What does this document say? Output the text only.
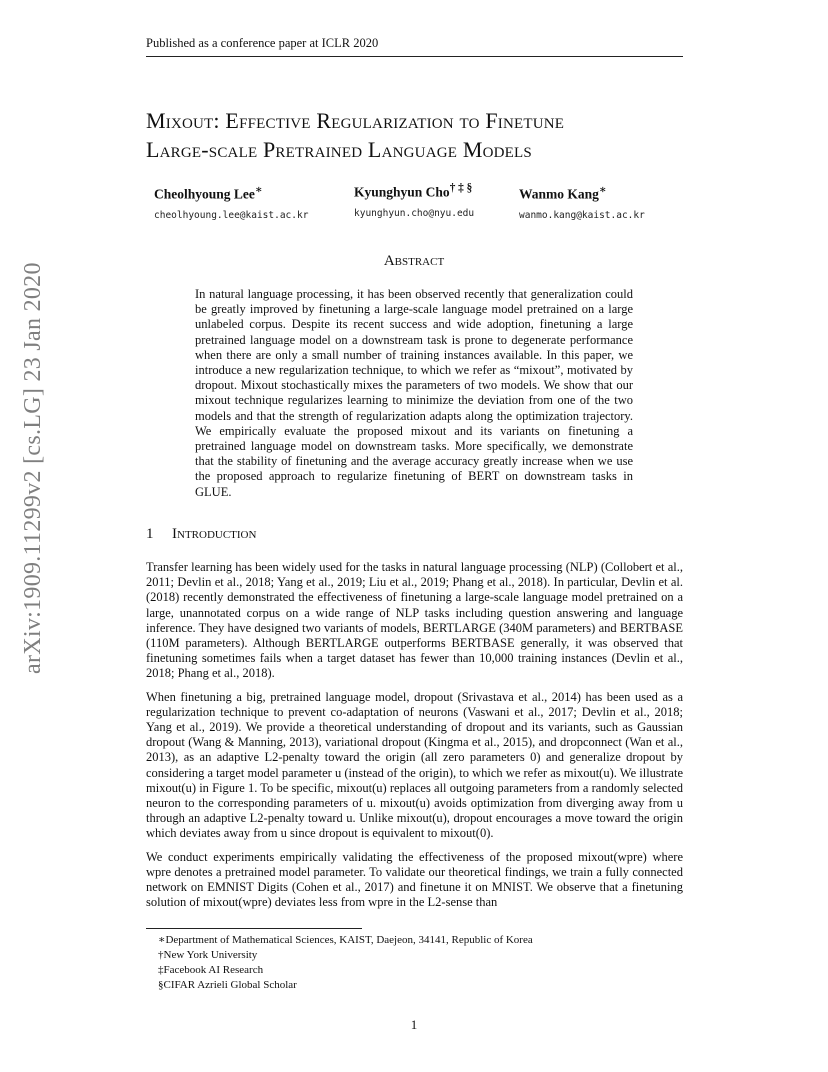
Published as a conference paper at ICLR 2020
arXiv:1909.11299v2 [cs.LG] 23 Jan 2020
Mixout: Effective Regularization to Finetune
Large-scale Pretrained Language Models
Cheolhyoung Lee∗
cheolhyoung.lee@kaist.ac.kr
Kyunghyun Cho† ‡ §
kyunghyun.cho@nyu.edu
Wanmo Kang∗
wanmo.kang@kaist.ac.kr
Abstract
In natural language processing, it has been observed recently that generalization could be greatly improved by finetuning a large-scale language model pretrained on a large unlabeled corpus. Despite its recent success and wide adoption, finetuning a large pretrained language model on a downstream task is prone to degenerate performance when there are only a small number of training instances available. In this paper, we introduce a new regularization technique, to which we refer as “mixout”, motivated by dropout. Mixout stochastically mixes the parameters of two models. We show that our mixout technique regularizes learning to minimize the deviation from one of the two models and that the strength of regularization adapts along the optimization trajectory. We empirically evaluate the proposed mixout and its variants on finetuning a pretrained language model on downstream tasks. More specifically, we demonstrate that the stability of finetuning and the average accuracy greatly increase when we use the proposed approach to regularize finetuning of BERT on downstream tasks in GLUE.
1 Introduction

Transfer learning has been widely used for the tasks in natural language processing (NLP) (Collobert et al., 2011; Devlin et al., 2018; Yang et al., 2019; Liu et al., 2019; Phang et al., 2018). In particular, Devlin et al. (2018) recently demonstrated the effectiveness of finetuning a large-scale language model pretrained on a large, unannotated corpus on a wide range of NLP tasks including question answering and language inference. They have designed two variants of models, BERTLARGE (340M parameters) and BERTBASE (110M parameters). Although BERTLARGE outperforms BERTBASE generally, it was observed that finetuning sometimes fails when a target dataset has fewer than 10,000 training instances (Devlin et al., 2018; Phang et al., 2018).

When finetuning a big, pretrained language model, dropout (Srivastava et al., 2014) has been used as a regularization technique to prevent co-adaptation of neurons (Vaswani et al., 2017; Devlin et al., 2018; Yang et al., 2019). We provide a theoretical understanding of dropout and its variants, such as Gaussian dropout (Wang & Manning, 2013), variational dropout (Kingma et al., 2015), and dropconnect (Wan et al., 2013), as an adaptive L2-penalty toward the origin (all zero parameters 0) and generalize dropout by considering a target model parameter u (instead of the origin), to which we refer as mixout(u). We illustrate mixout(u) in Figure 1. To be specific, mixout(u) replaces all outgoing parameters from a randomly selected neuron to the corresponding parameters of u. mixout(u) avoids optimization from diverging away from u through an adaptive L2-penalty toward u. Unlike mixout(u), dropout encourages a move toward the origin which deviates away from u since dropout is equivalent to mixout(0).

We conduct experiments empirically validating the effectiveness of the proposed mixout(wpre) where wpre denotes a pretrained model parameter. To validate our theoretical findings, we train a fully connected network on EMNIST Digits (Cohen et al., 2017) and finetune it on MNIST. We observe that a finetuning solution of mixout(wpre) deviates less from wpre in the L2-sense than

∗Department of Mathematical Sciences, KAIST, Daejeon, 34141, Republic of Korea
†New York University
‡Facebook AI Research
§CIFAR Azrieli Global Scholar
1
